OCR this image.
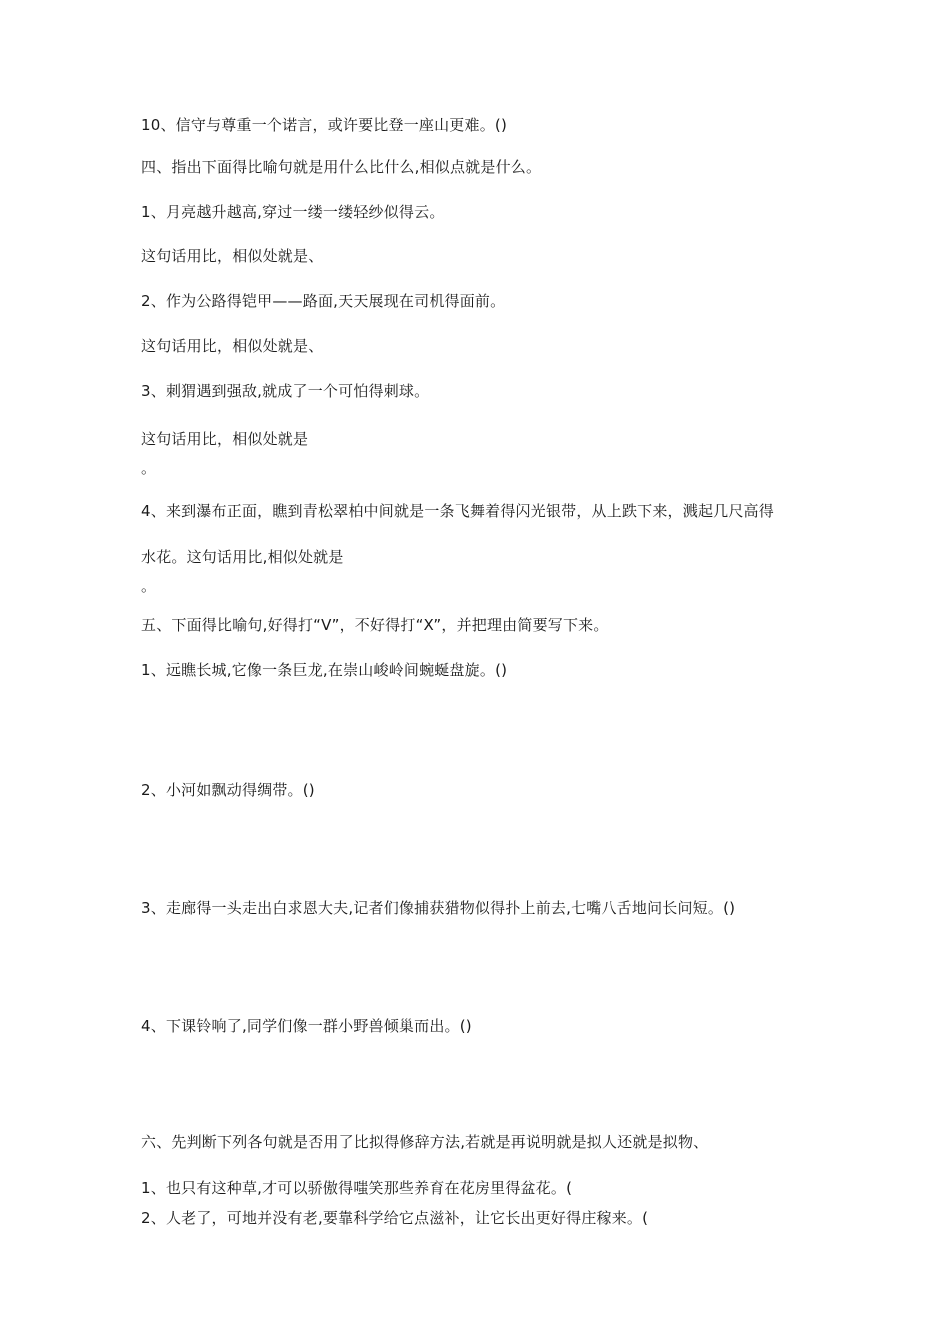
10、信守与尊重一个诺言，或许要比登一座山更难。()
四、指出下面得比喻句就是用什么比什么,相似点就是什么。
1、月亮越升越高,穿过一缕一缕轻纱似得云。
这句话用比，相似处就是、
2、作为公路得铠甲——路面,天天展现在司机得面前。
这句话用比，相似处就是、
3、刺猬遇到强敌,就成了一个可怕得刺球。
这句话用比，相似处就是
。
4、来到瀑布正面，瞧到青松翠柏中间就是一条飞舞着得闪光银带，从上跌下来，溅起几尺高得
水花。这句话用比,相似处就是
。
五、下面得比喻句,好得打“V”，不好得打“X”，并把理由简要写下来。
1、远瞧长城,它像一条巨龙,在崇山峻岭间蜿蜒盘旋。()
2、小河如飘动得绸带。()
3、走廊得一头走出白求恩大夫,记者们像捕获猎物似得扑上前去,七嘴八舌地问长问短。()
4、下课铃响了,同学们像一群小野兽倾巢而出。()
六、先判断下列各句就是否用了比拟得修辞方法,若就是再说明就是拟人还就是拟物、
1、也只有这种草,才可以骄傲得嗤笑那些养育在花房里得盆花。(
2、人老了，可地并没有老,要靠科学给它点滋补，让它长出更好得庄稼来。(
